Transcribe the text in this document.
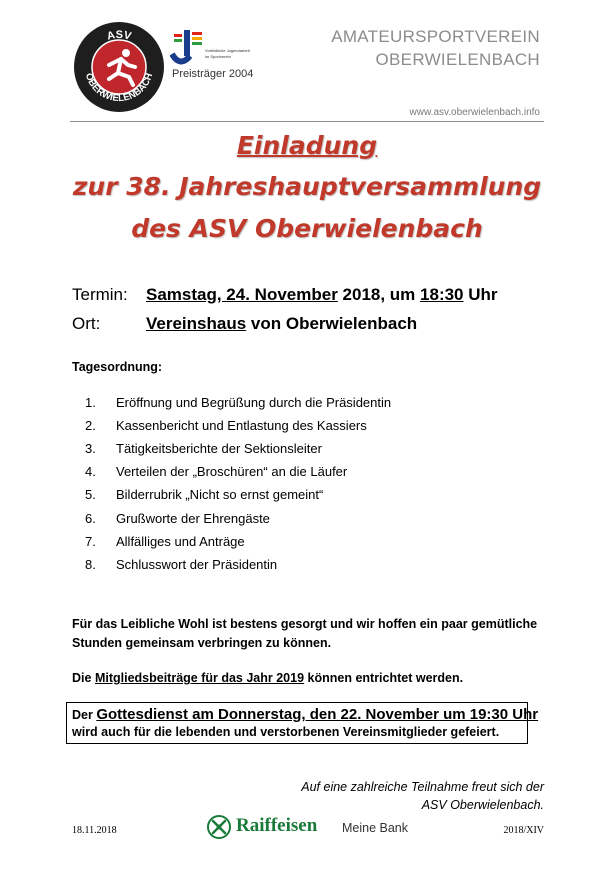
ASV
OBERWIELENBACH
Vorbildliche Jugendarbeit
im Sportverein
Preisträger 2004
AMATEURSPORTVEREIN
OBERWIELENBACH
www.asv.oberwielenbach.info
Einladung
zur 38. Jahreshauptversammlung
des ASV Oberwielenbach
Termin: Samstag, 24. November 2018, um 18:30 Uhr
Ort:	Vereinshaus von Oberwielenbach
Tagesordnung:
1.	Eröffnung und Begrüßung durch die Präsidentin
2.	Kassenbericht und Entlastung des Kassiers
3.	Tätigkeitsberichte der Sektionsleiter
4.	Verteilen der „Broschüren“ an die Läufer
5.	Bilderrubrik „Nicht so ernst gemeint“
6.	Grußworte der Ehrengäste
7.	Allfälliges und Anträge
8.	Schlusswort der Präsidentin
Für das Leibliche Wohl ist bestens gesorgt und wir hoffen ein paar gemütliche Stunden gemeinsam verbringen zu können.
Die Mitgliedsbeiträge für das Jahr 2019 können entrichtet werden.
Der Gottesdienst am Donnerstag, den 22. November um 19:30 Uhr
wird auch für die lebenden und verstorbenen Vereinsmitglieder gefeiert.
Auf eine zahlreiche Teilnahme freut sich der
ASV Oberwielenbach.
18.11.2018	Raiffeisen Meine Bank	2018/XIV
